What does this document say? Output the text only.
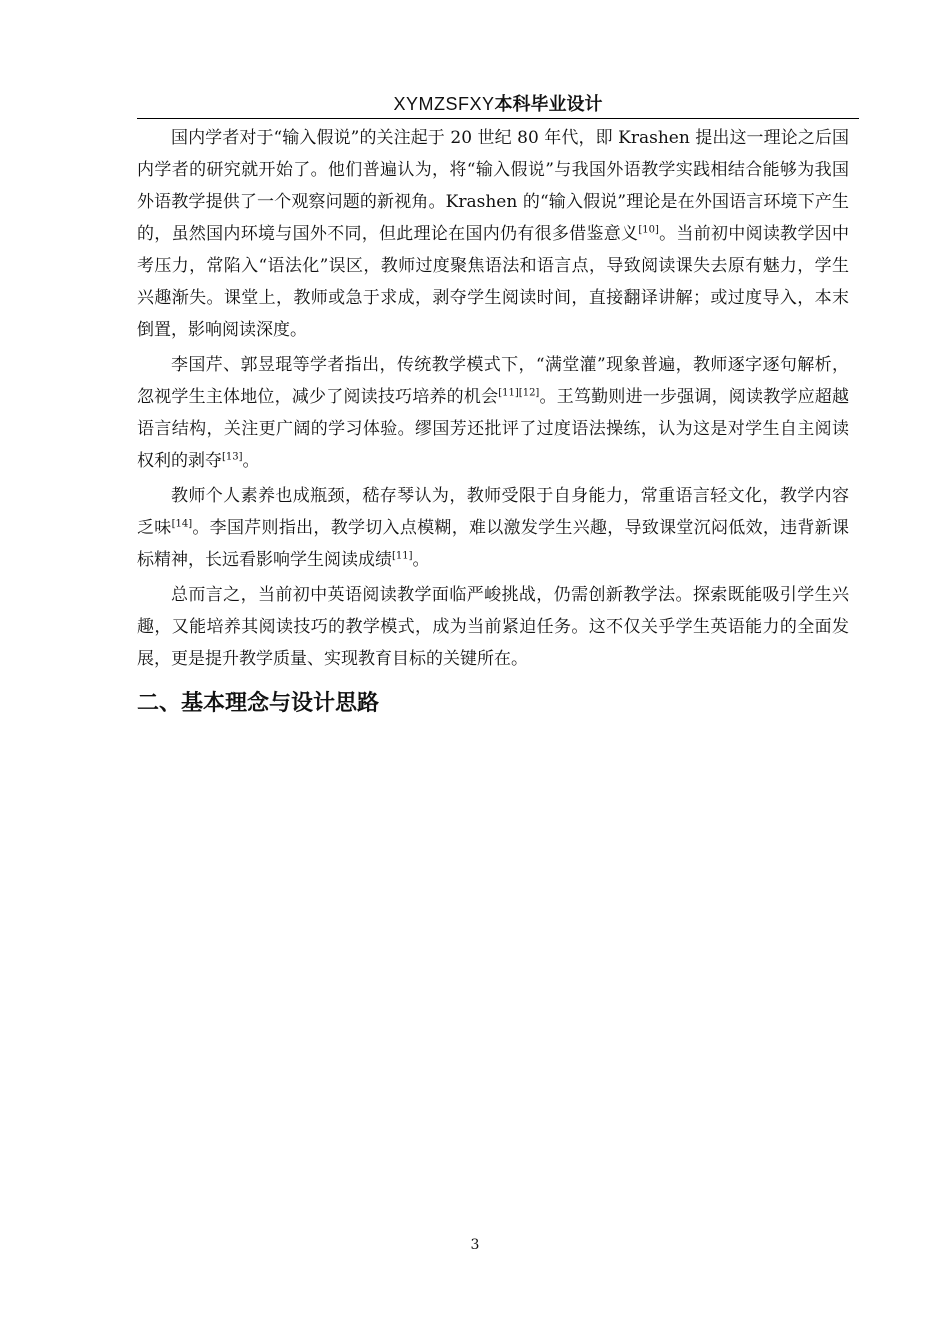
XYMZSFXY本科毕业设计

国内学者对于“输入假说”的关注起于 20 世纪 80 年代，即 Krashen 提出这一理论之后国内学者的研究就开始了。他们普遍认为，将“输入假说”与我国外语教学实践相结合能够为我国外语教学提供了一个观察问题的新视角。Krashen 的“输入假说”理论是在外国语言环境下产生的，虽然国内环境与国外不同，但此理论在国内仍有很多借鉴意义[10]。当前初中阅读教学因中考压力，常陷入“语法化”误区，教师过度聚焦语法和语言点，导致阅读课失去原有魅力，学生兴趣渐失。课堂上，教师或急于求成，剥夺学生阅读时间，直接翻译讲解；或过度导入，本末倒置，影响阅读深度。

李国芹、郭昱琨等学者指出，传统教学模式下，“满堂灌”现象普遍，教师逐字逐句解析，忽视学生主体地位，减少了阅读技巧培养的机会[11][12]。王笃勤则进一步强调，阅读教学应超越语言结构，关注更广阔的学习体验。缪国芳还批评了过度语法操练，认为这是对学生自主阅读权利的剥夺[13]。

教师个人素养也成瓶颈，嵇存琴认为，教师受限于自身能力，常重语言轻文化，教学内容乏味[14]。李国芹则指出，教学切入点模糊，难以激发学生兴趣，导致课堂沉闷低效，违背新课标精神，长远看影响学生阅读成绩[11]。

总而言之，当前初中英语阅读教学面临严峻挑战，仍需创新教学法。探索既能吸引学生兴趣，又能培养其阅读技巧的教学模式，成为当前紧迫任务。这不仅关乎学生英语能力的全面发展，更是提升教学质量、实现教育目标的关键所在。

二、基本理念与设计思路
3
